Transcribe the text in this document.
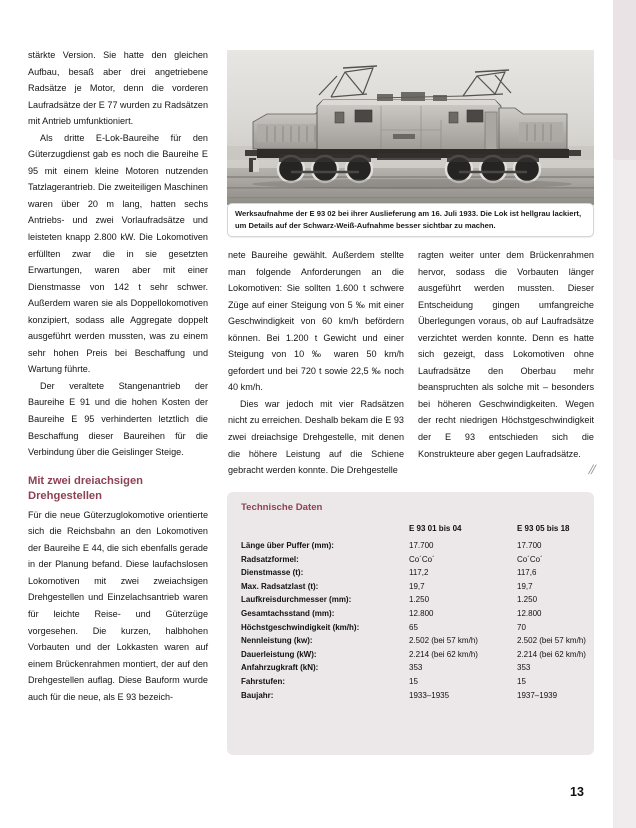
stärkte Version. Sie hatte den gleichen Aufbau, besaß aber drei angetriebene Radsätze je Motor, denn die vorderen Laufradsätze der E 77 wurden zu Radsätzen mit Antrieb umfunktioniert.

Als dritte E-Lok-Baureihe für den Güterzugdienst gab es noch die Baureihe E 95 mit einem kleine Motoren nutzenden Tatzlagerantrieb. Die zweiteiligen Maschinen waren über 20 m lang, hatten sechs Antriebs- und zwei Vorlaufradsätze und leisteten knapp 2.800 kW. Die Lokomotiven erfüllten zwar die in sie gesetzten Erwartungen, waren aber mit einer Dienstmasse von 142 t sehr schwer. Außerdem waren sie als Doppellokomotiven konzipiert, sodass alle Aggregate doppelt ausgeführt werden mussten, was zu einem sehr hohen Preis bei Beschaffung und Wartung führte.

Der veraltete Stangenantrieb der Baureihe E 91 und die hohen Kosten der Baureihe E 95 verhinderten letztlich die Beschaffung dieser Baureihen für die Verbindung über die Geislinger Steige.

Mit zwei dreiachsigen Drehgestellen

Für die neue Güterzuglokomotive orientierte sich die Reichsbahn an den Lokomotiven der Baureihe E 44, die sich ebenfalls gerade in der Planung befand. Diese laufachslosen Lokomotiven mit zwei zweiachsigen Drehgestellen und Einzelachsantrieb waren für leichte Reise- und Güterzüge vorgesehen. Die kurzen, halbhohen Vorbauten und der Lokkasten waren auf einem Brückenrahmen montiert, der auf den Drehgestellen auflag. Diese Bauform wurde auch für die neue, als E 93 bezeich-

nete Baureihe gewählt. Außerdem stellte man folgende Anforderungen an die Lokomotiven: Sie sollten 1.600 t schwere Züge auf einer Steigung von 5 ‰ mit einer Geschwindigkeit von 60 km/h befördern können. Bei 1.200 t Gewicht und einer Steigung von 10 ‰ waren 50 km/h gefordert und bei 720 t sowie 22,5 ‰ noch 40 km/h.

Dies war jedoch mit vier Radsätzen nicht zu erreichen. Deshalb bekam die E 93 zwei dreiachsige Drehgestelle, mit denen die höhere Leistung auf die Schiene gebracht werden konnte. Die Drehgestelle

ragten weiter unter dem Brückenrahmen hervor, sodass die Vorbauten länger ausgeführt werden mussten. Dieser Entscheidung gingen umfangreiche Überlegungen voraus, ob auf Laufradsätze verzichtet werden konnte. Denn es hatte sich gezeigt, dass Lokomotiven ohne Laufradsätze den Oberbau mehr beanspruchten als solche mit – besonders bei höheren Geschwindigkeiten. Wegen der recht niedrigen Höchstgeschwindigkeit der E 93 entschieden sich die Konstrukteure aber gegen Laufradsätze.

//
Werksaufnahme der E 93 02 bei ihrer Auslieferung am 16. Juli 1933. Die Lok ist hellgrau lackiert, um Details auf der Schwarz-Weiß-Aufnahme besser sichtbar zu machen.
Technische Daten
	E 93 01 bis 04	E 93 05 bis 18
Länge über Puffer (mm):	17.700	17.700
Radsatzformel:	Co´Co´	Co´Co´
Dienstmasse (t):	117,2	117,6
Max. Radsatzlast (t):	19,7	19,7
Laufkreisdurchmesser (mm):	1.250	1.250
Gesamtachsstand (mm):	12.800	12.800
Höchstgeschwindigkeit (km/h):	65	70
Nennleistung (kw):	2.502 (bei 57 km/h)	2.502 (bei 57 km/h)
Dauerleistung (kW):	2.214 (bei 62 km/h)	2.214 (bei 62 km/h)
Anfahrzugkraft (kN):	353	353
Fahrstufen:	15	15
Baujahr:	1933–1935	1937–1939
13
